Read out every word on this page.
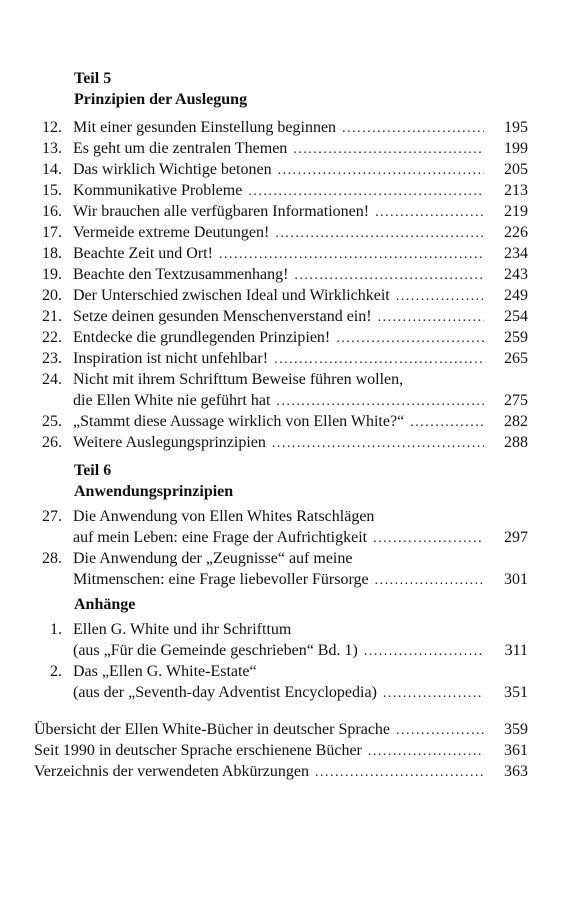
Teil 5
Prinzipien der Auslegung
12. Mit einer gesunden Einstellung beginnen .....	195
13. Es geht um die zentralen Themen .....	199
14. Das wirklich Wichtige betonen .....	205
15. Kommunikative Probleme .....	213
16. Wir brauchen alle verfügbaren Informationen! .....	219
17. Vermeide extreme Deutungen! .....	226
18. Beachte Zeit und Ort! .....	234
19. Beachte den Textzusammenhang! .....	243
20. Der Unterschied zwischen Ideal und Wirklichkeit .....	249
21. Setze deinen gesunden Menschenverstand ein! .....	254
22. Entdecke die grundlegenden Prinzipien! .....	259
23. Inspiration ist nicht unfehlbar! .....	265
24. Nicht mit ihrem Schrifttum Beweise führen wollen,
die Ellen White nie geführt hat .....	275
25. „Stammt diese Aussage wirklich von Ellen White?“ .....	282
26. Weitere Auslegungsprinzipien .....	288
Teil 6
Anwendungsprinzipien
27. Die Anwendung von Ellen Whites Ratschlägen
auf mein Leben: eine Frage der Aufrichtigkeit .....	297
28. Die Anwendung der „Zeugnisse“ auf meine
Mitmenschen: eine Frage liebevoller Fürsorge .....	301
Anhänge
1. Ellen G. White und ihr Schrifttum
(aus „Für die Gemeinde geschrieben“ Bd. 1) .....	311
2. Das „Ellen G. White-Estate“
(aus der „Seventh-day Adventist Encyclopedia) .....	351
Übersicht der Ellen White-Bücher in deutscher Sprache .....	359
Seit 1990 in deutscher Sprache erschienene Bücher .....	361
Verzeichnis der verwendeten Abkürzungen .....	363
